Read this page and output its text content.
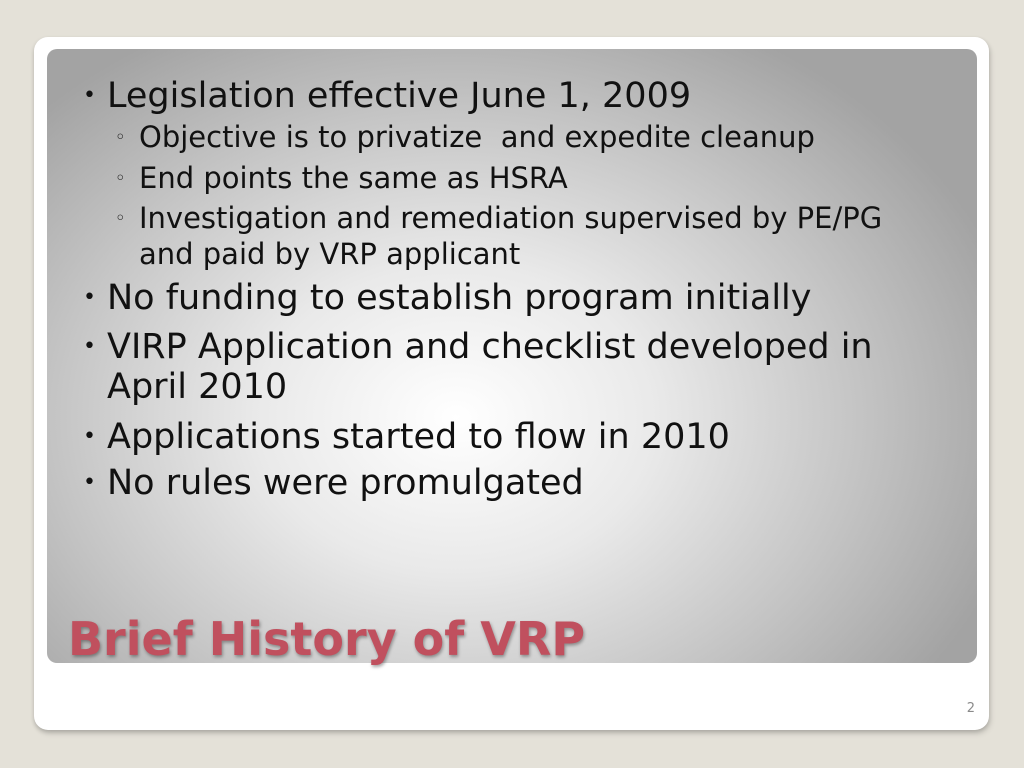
• Legislation effective June 1, 2009
◦ Objective is to privatize  and expedite cleanup
◦ End points the same as HSRA
◦ Investigation and remediation supervised by PE/PG and paid by VRP applicant
• No funding to establish program initially
• VIRP Application and checklist developed in April 2010
• Applications started to flow in 2010
• No rules were promulgated
Brief History of VRP
2
